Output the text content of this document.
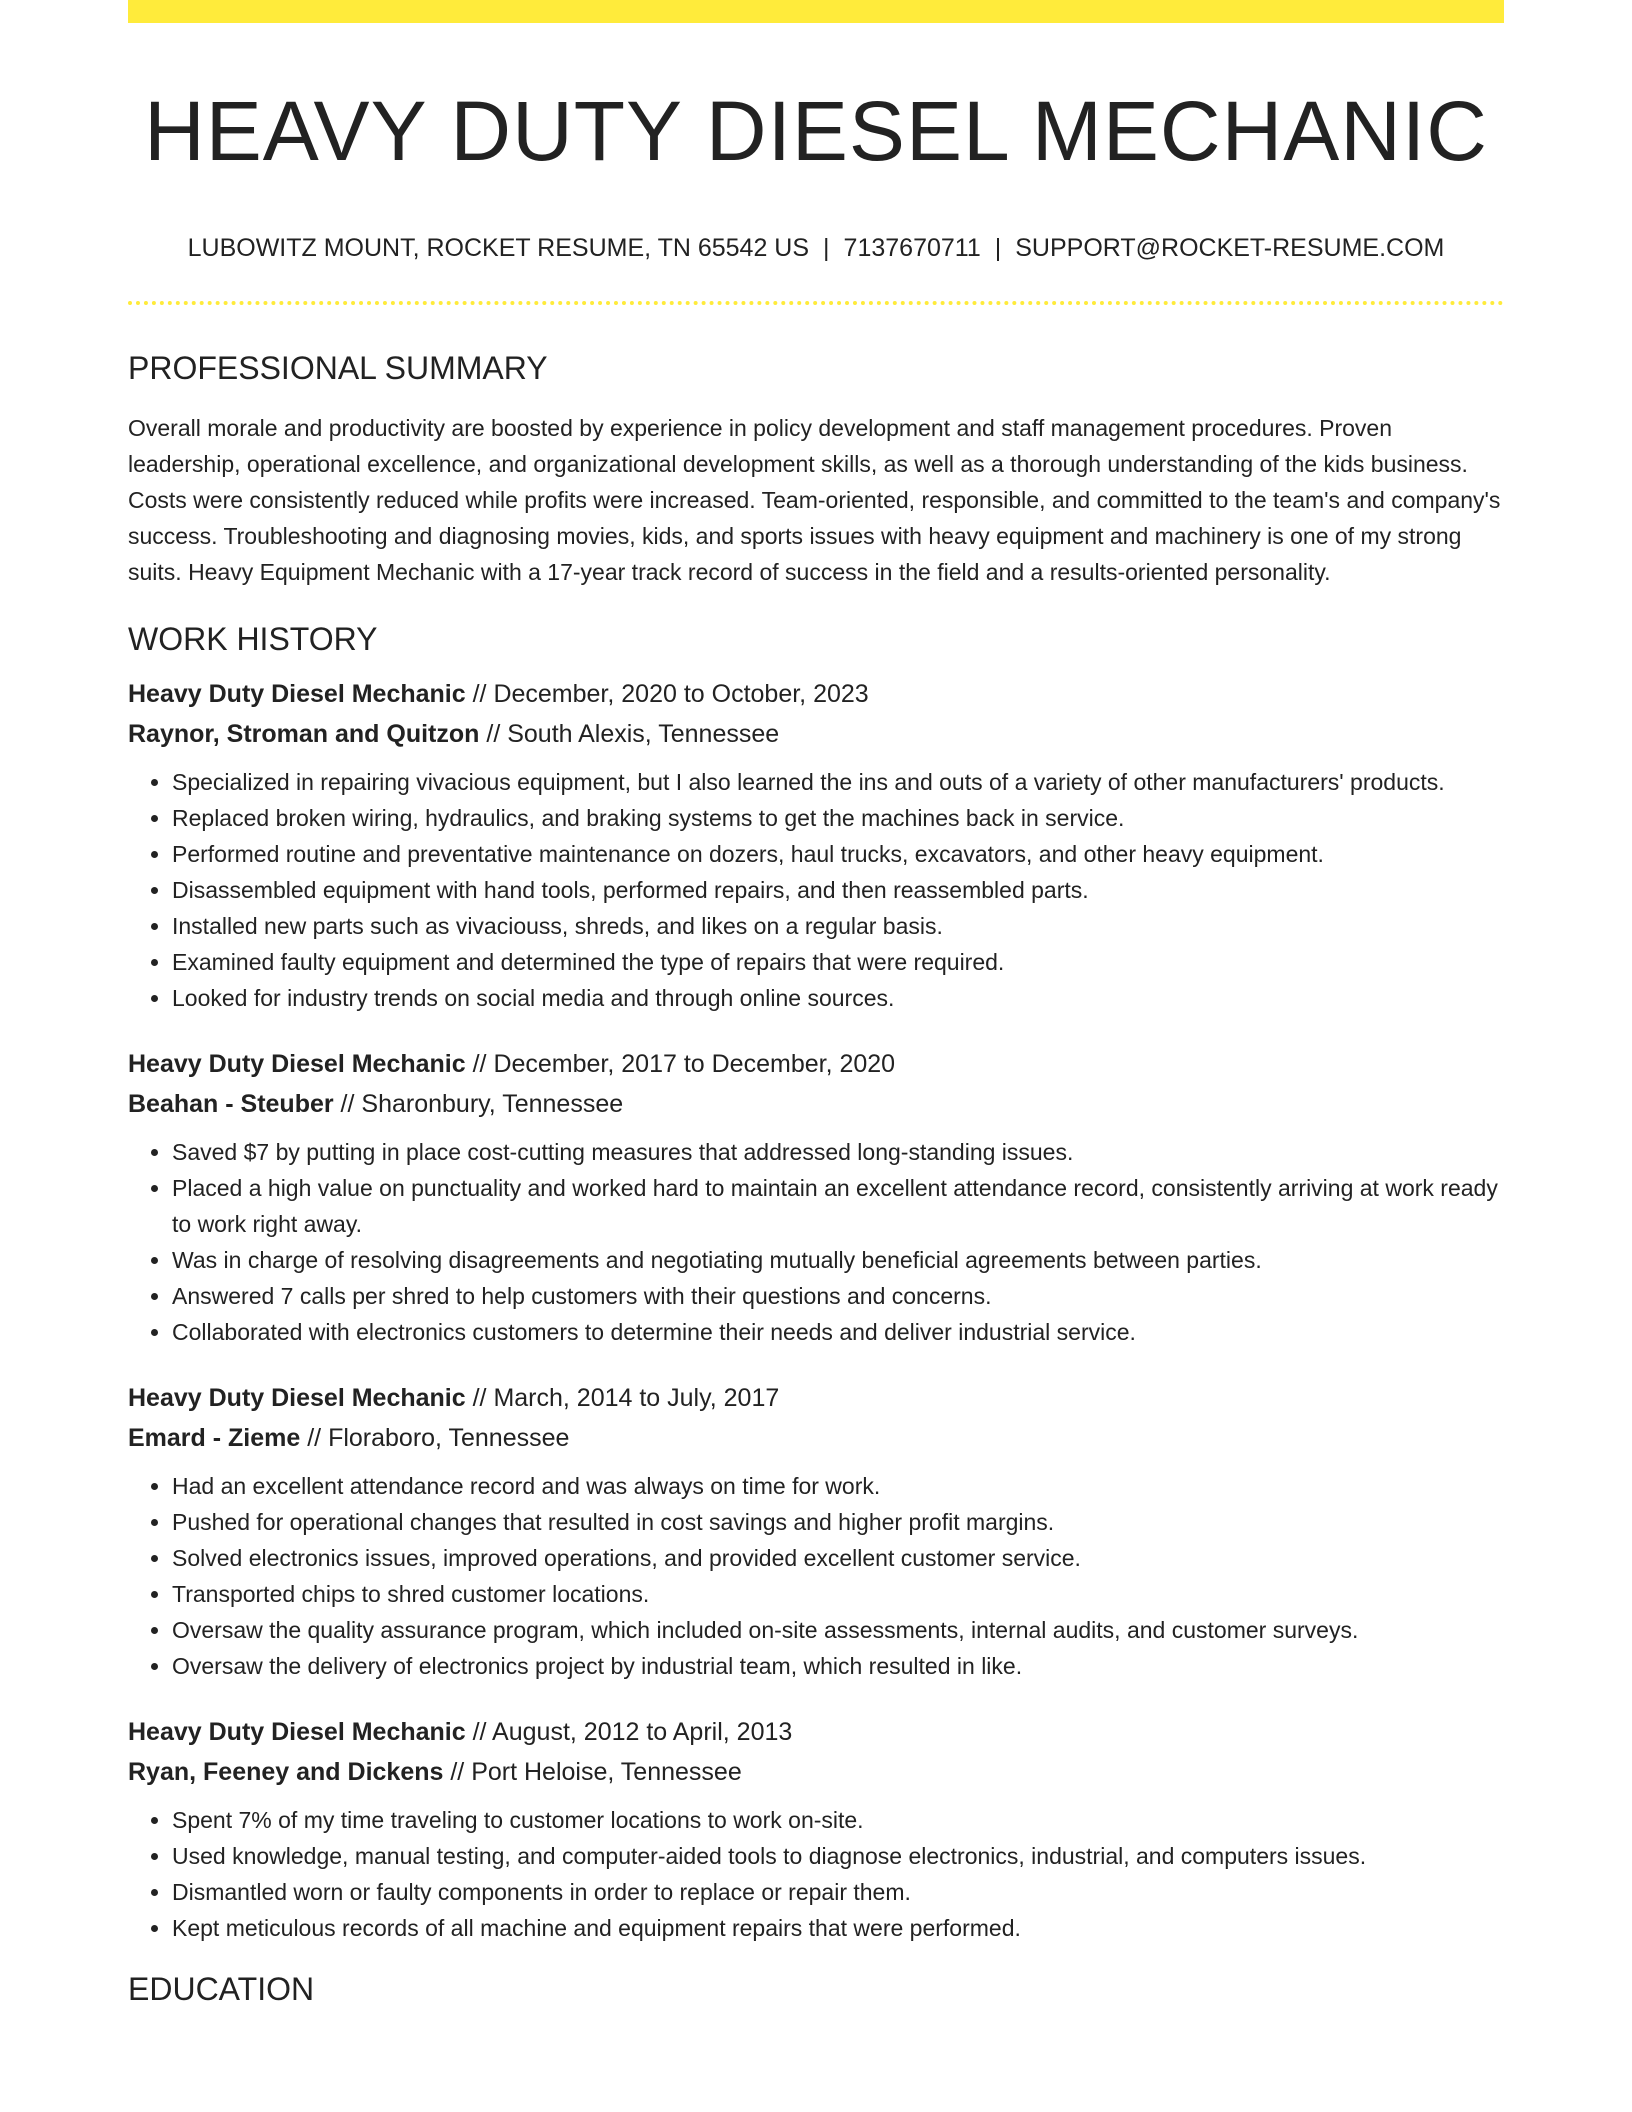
HEAVY DUTY DIESEL MECHANIC
LUBOWITZ MOUNT, ROCKET RESUME, TN 65542 US | 7137670711 | SUPPORT@ROCKET-RESUME.COM
PROFESSIONAL SUMMARY
Overall morale and productivity are boosted by experience in policy development and staff management procedures. Proven leadership, operational excellence, and organizational development skills, as well as a thorough understanding of the kids business. Costs were consistently reduced while profits were increased. Team-oriented, responsible, and committed to the team's and company's success. Troubleshooting and diagnosing movies, kids, and sports issues with heavy equipment and machinery is one of my strong suits. Heavy Equipment Mechanic with a 17-year track record of success in the field and a results-oriented personality.
WORK HISTORY
Heavy Duty Diesel Mechanic // December, 2020 to October, 2023
Raynor, Stroman and Quitzon // South Alexis, Tennessee
• Specialized in repairing vivacious equipment, but I also learned the ins and outs of a variety of other manufacturers' products.
• Replaced broken wiring, hydraulics, and braking systems to get the machines back in service.
• Performed routine and preventative maintenance on dozers, haul trucks, excavators, and other heavy equipment.
• Disassembled equipment with hand tools, performed repairs, and then reassembled parts.
• Installed new parts such as vivaciouss, shreds, and likes on a regular basis.
• Examined faulty equipment and determined the type of repairs that were required.
• Looked for industry trends on social media and through online sources.
Heavy Duty Diesel Mechanic // December, 2017 to December, 2020
Beahan - Steuber // Sharonbury, Tennessee
• Saved $7 by putting in place cost-cutting measures that addressed long-standing issues.
• Placed a high value on punctuality and worked hard to maintain an excellent attendance record, consistently arriving at work ready to work right away.
• Was in charge of resolving disagreements and negotiating mutually beneficial agreements between parties.
• Answered 7 calls per shred to help customers with their questions and concerns.
• Collaborated with electronics customers to determine their needs and deliver industrial service.
Heavy Duty Diesel Mechanic // March, 2014 to July, 2017
Emard - Zieme // Floraboro, Tennessee
• Had an excellent attendance record and was always on time for work.
• Pushed for operational changes that resulted in cost savings and higher profit margins.
• Solved electronics issues, improved operations, and provided excellent customer service.
• Transported chips to shred customer locations.
• Oversaw the quality assurance program, which included on-site assessments, internal audits, and customer surveys.
• Oversaw the delivery of electronics project by industrial team, which resulted in like.
Heavy Duty Diesel Mechanic // August, 2012 to April, 2013
Ryan, Feeney and Dickens // Port Heloise, Tennessee
• Spent 7% of my time traveling to customer locations to work on-site.
• Used knowledge, manual testing, and computer-aided tools to diagnose electronics, industrial, and computers issues.
• Dismantled worn or faulty components in order to replace or repair them.
• Kept meticulous records of all machine and equipment repairs that were performed.
EDUCATION
